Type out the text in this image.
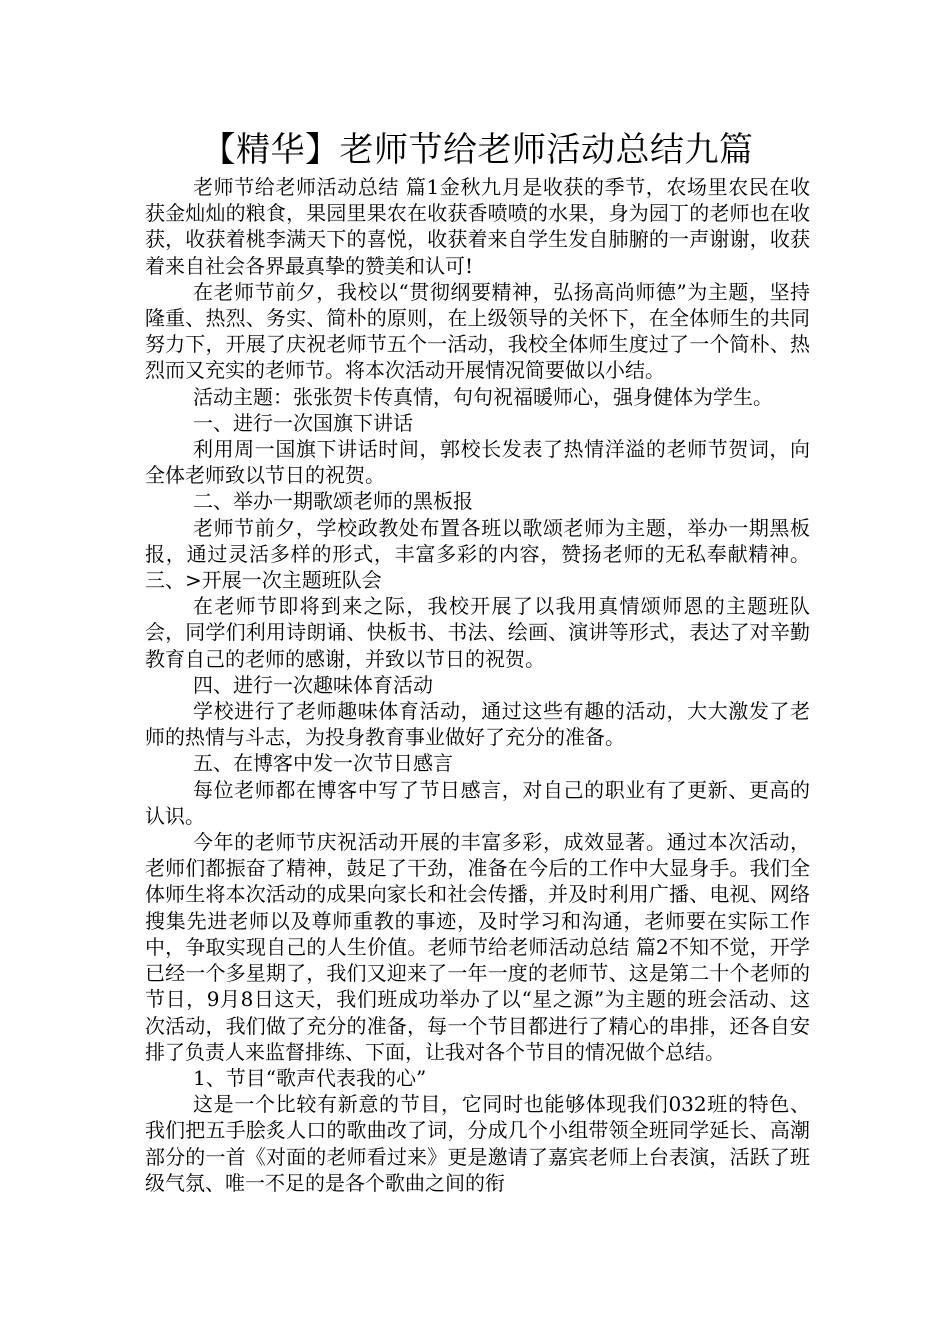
【精华】老师节给老师活动总结九篇

老师节给老师活动总结 篇1金秋九月是收获的季节，农场里农民在收获金灿灿的粮食，果园里果农在收获香喷喷的水果，身为园丁的老师也在收获，收获着桃李满天下的喜悦，收获着来自学生发自肺腑的一声谢谢，收获着来自社会各界最真挚的赞美和认可!

在老师节前夕，我校以“贯彻纲要精神，弘扬高尚师德”为主题，坚持隆重、热烈、务实、简朴的原则，在上级领导的关怀下，在全体师生的共同努力下，开展了庆祝老师节五个一活动，我校全体师生度过了一个简朴、热烈而又充实的老师节。将本次活动开展情况简要做以小结。

活动主题：张张贺卡传真情，句句祝福暖师心，强身健体为学生。

一、进行一次国旗下讲话

利用周一国旗下讲话时间，郭校长发表了热情洋溢的老师节贺词，向全体老师致以节日的祝贺。

二、举办一期歌颂老师的黑板报

老师节前夕，学校政教处布置各班以歌颂老师为主题，举办一期黑板报，通过灵活多样的形式，丰富多彩的内容，赞扬老师的无私奉献精神。三、>开展一次主题班队会

在老师节即将到来之际，我校开展了以我用真情颂师恩的主题班队会，同学们利用诗朗诵、快板书、书法、绘画、演讲等形式，表达了对辛勤教育自己的老师的感谢，并致以节日的祝贺。

四、进行一次趣味体育活动

学校进行了老师趣味体育活动，通过这些有趣的活动，大大激发了老师的热情与斗志，为投身教育事业做好了充分的准备。

五、在博客中发一次节日感言

每位老师都在博客中写了节日感言，对自己的职业有了更新、更高的认识。

今年的老师节庆祝活动开展的丰富多彩，成效显著。通过本次活动，老师们都振奋了精神，鼓足了干劲，准备在今后的工作中大显身手。我们全体师生将本次活动的成果向家长和社会传播，并及时利用广播、电视、网络搜集先进老师以及尊师重教的事迹，及时学习和沟通，老师要在实际工作中，争取实现自己的人生价值。老师节给老师活动总结 篇2不知不觉，开学已经一个多星期了，我们又迎来了一年一度的老师节、这是第二十个老师的节日，9月8日这天，我们班成功举办了以“星之源”为主题的班会活动、这次活动，我们做了充分的准备，每一个节目都进行了精心的串排，还各自安排了负责人来监督排练、下面，让我对各个节目的情况做个总结。

1、节目“歌声代表我的心”

这是一个比较有新意的节目，它同时也能够体现我们032班的特色、我们把五手脍炙人口的歌曲改了词，分成几个小组带领全班同学延长、高潮部分的一首《对面的老师看过来》更是邀请了嘉宾老师上台表演，活跃了班级气氛、唯一不足的是各个歌曲之间的衔
